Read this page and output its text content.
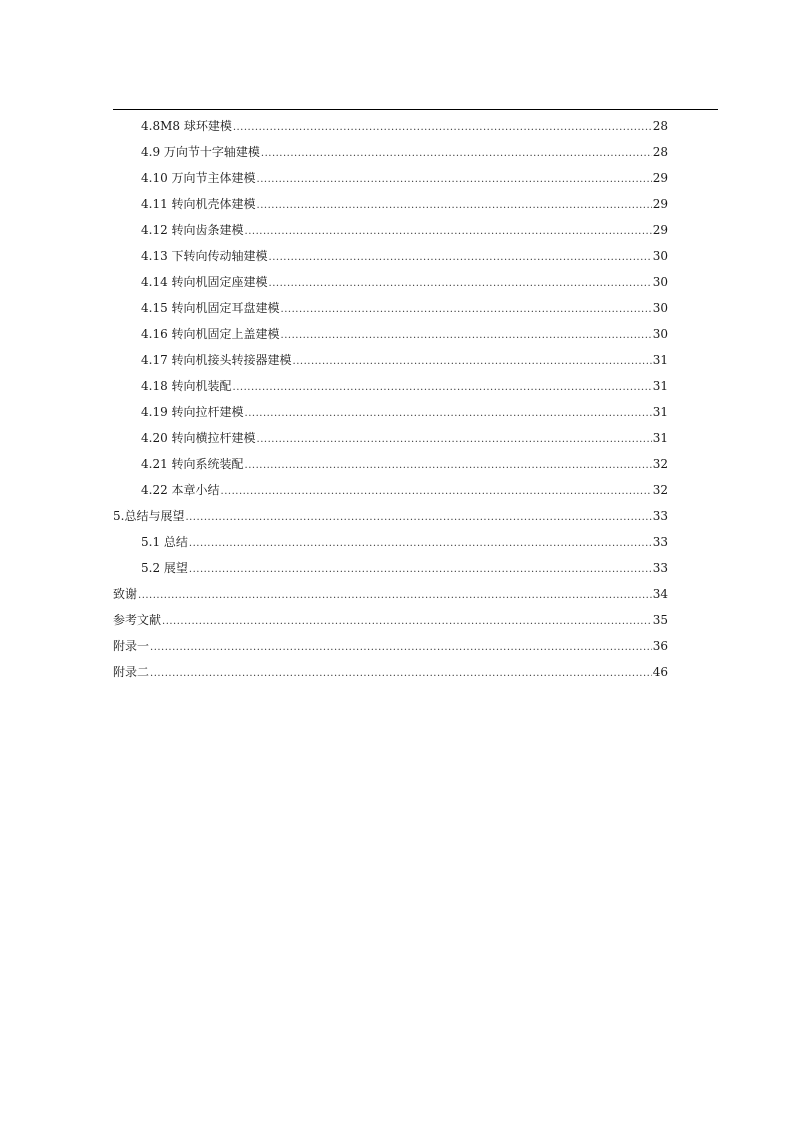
4.8M8 球环建模 .....	28
4.9 万向节十字轴建模 .....	28
4.10 万向节主体建模 .....	29
4.11 转向机壳体建模 .....	29
4.12 转向齿条建模 .....	29
4.13 下转向传动轴建模 .....	30
4.14 转向机固定座建模 .....	30
4.15 转向机固定耳盘建模 .....	30
4.16 转向机固定上盖建模 .....	30
4.17 转向机接头转接器建模 .....	31
4.18 转向机装配 .....	31
4.19 转向拉杆建模 .....	31
4.20 转向横拉杆建模 .....	31
4.21 转向系统装配 .....	32
4.22 本章小结 .....	32
5.总结与展望 .....	33
5.1 总结 .....	33
5.2 展望 .....	33
致谢 .....	34
参考文献 .....	35
附录一 .....	36
附录二 .....	46
